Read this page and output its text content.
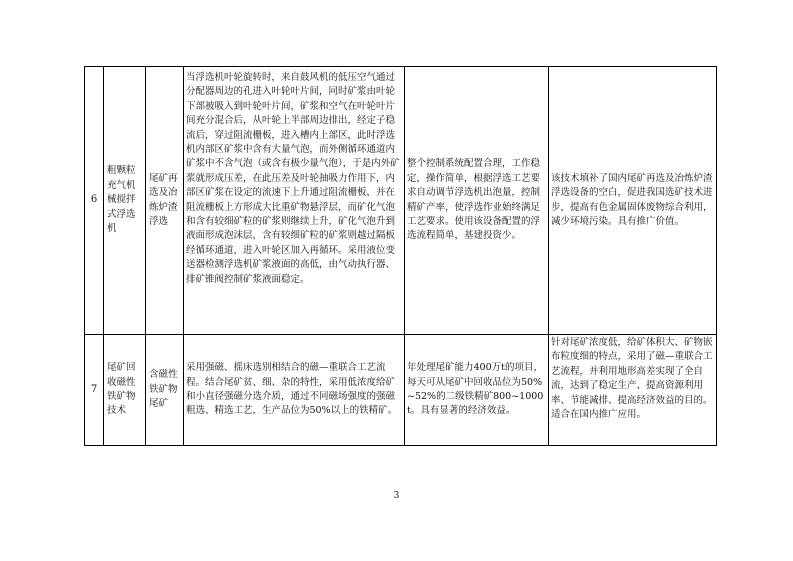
6	粗颗粒充气机械搅拌式浮选机	尾矿再选及冶炼炉渣浮选	当浮选机叶轮旋转时，来自鼓风机的低压空气通过分配器周边的孔进入叶轮叶片间，同时矿浆由叶轮下部被吸入到叶轮叶片间，矿浆和空气在叶轮叶片间充分混合后，从叶轮上半部周边排出，经定子稳流后，穿过阻流栅板，进入槽内上部区，此时浮选机内部区矿浆中含有大量气泡，而外侧循环通道内矿浆中不含气泡（或含有极少量气泡），于是内外矿浆就形成压差，在此压差及叶轮抽吸力作用下，内部区矿浆在设定的流速下上升通过阻流栅板，并在阻流栅板上方形成大比重矿物悬浮层，而矿化气泡和含有较细矿粒的矿浆则继续上升，矿化气泡升到液面形成泡沫层，含有较细矿粒的矿浆则越过隔板经循环通道，进入叶轮区加入再循环。采用液位变送器检测浮选机矿浆液面的高低，由气动执行器、排矿锥阀控制矿浆液面稳定。	整个控制系统配置合理，工作稳定，操作简单，根据浮选工艺要求自动调节浮选机出泡量，控制精矿产率，使浮选作业始终满足工艺要求。使用该设备配置的浮选流程简单，基建投资少。	该技术填补了国内尾矿再选及冶炼炉渣浮选设备的空白，促进我国选矿技术进步，提高有色金属固体废物综合利用，减少环境污染。具有推广价值。
7	尾矿回收磁性铁矿物技术	含磁性铁矿物尾矿	采用强磁、摇床选别相结合的磁—重联合工艺流程。结合尾矿贫、细、杂的特性，采用低浓度给矿和小直径强磁分选介质，通过不同磁场强度的强磁粗选、精选工艺，生产品位为50%以上的铁精矿。	年处理尾矿能力400万t的项目，每天可从尾矿中回收品位为50%~52%的二级铁精矿800~1000t。具有显著的经济效益。	针对尾矿浓度低，给矿体积大、矿物嵌布粒度细的特点，采用了磁—重联合工艺流程，并利用地形高差实现了全自流，达到了稳定生产、提高资源利用率、节能减排、提高经济效益的目的。适合在国内推广应用。
3
